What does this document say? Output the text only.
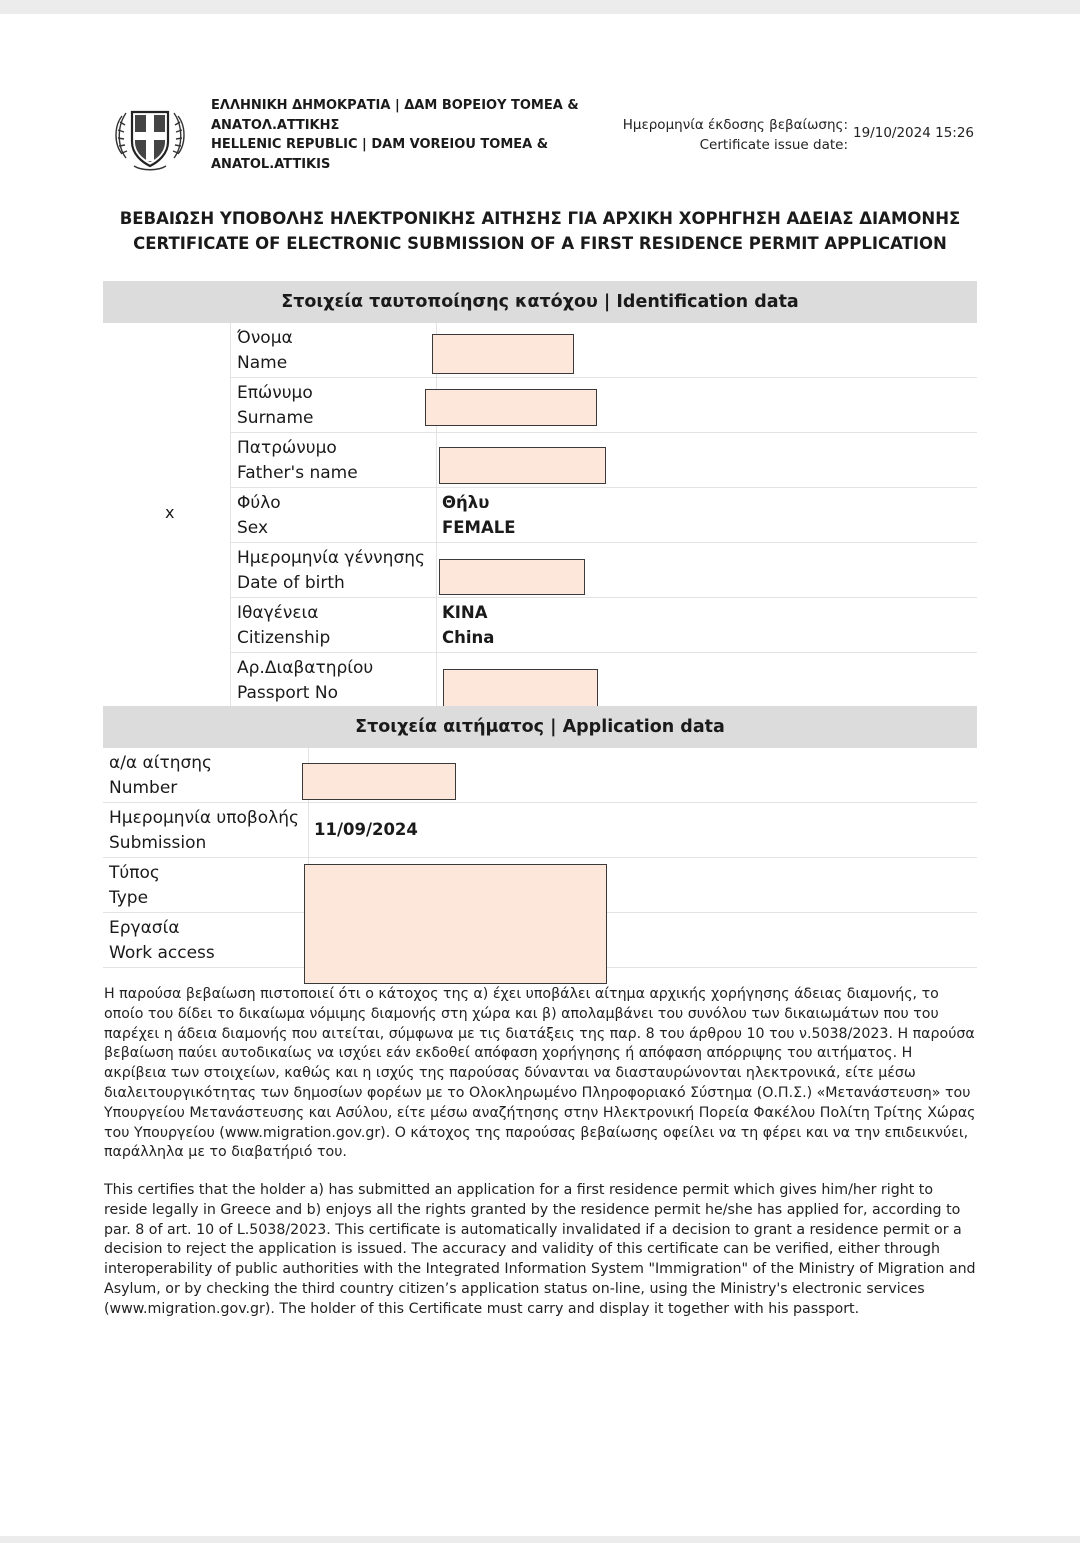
ΕΛΛΗΝΙΚΗ ΔΗΜΟΚΡΑΤΙΑ | ΔΑΜ ΒΟΡΕΙΟΥ ΤΟΜΕΑ &
ΑΝΑΤΟΛ.ΑΤΤΙΚΗΣ
HELLENIC REPUBLIC | DAM VOREIOU TOMEA &
ANATOL.ATTIKIS
Ημερομηνία έκδοσης βεβαίωσης:
Certificate issue date:
19/10/2024 15:26
ΒΕΒΑΙΩΣΗ ΥΠΟΒΟΛΗΣ ΗΛΕΚΤΡΟΝΙΚΗΣ ΑΙΤΗΣΗΣ ΓΙΑ ΑΡΧΙΚΗ ΧΟΡΗΓΗΣΗ ΑΔΕΙΑΣ ΔΙΑΜΟΝΗΣ
CERTIFICATE OF ELECTRONIC SUBMISSION OF A FIRST RESIDENCE PERMIT APPLICATION
Στοιχεία ταυτοποίησης κατόχου | Identification data
x
Όνομα
Name
Επώνυμο
Surname
Πατρώνυμο
Father's name
Φύλο
Sex
Θήλυ
FEMALE
Ημερομηνία γέννησης
Date of birth
Ιθαγένεια
Citizenship
ΚΙΝΑ
China
Αρ.Διαβατηρίου
Passport No
Στοιχεία αιτήματος | Application data
α/α αίτησης
Number
Ημερομηνία υποβολής
Submission
11/09/2024
Τύπος
Type
Εργασία
Work access

Η παρούσα βεβαίωση πιστοποιεί ότι ο κάτοχος της α) έχει υποβάλει αίτημα αρχικής χορήγησης άδειας διαμονής, το οποίο του δίδει το δικαίωμα νόμιμης διαμονής στη χώρα και β) απολαμβάνει του συνόλου των δικαιωμάτων που του παρέχει η άδεια διαμονής που αιτείται, σύμφωνα με τις διατάξεις της παρ. 8 του άρθρου 10 του ν.5038/2023. Η παρούσα βεβαίωση παύει αυτοδικαίως να ισχύει εάν εκδοθεί απόφαση χορήγησης ή απόφαση απόρριψης του αιτήματος. Η ακρίβεια των στοιχείων, καθώς και η ισχύς της παρούσας δύνανται να διασταυρώνονται ηλεκτρονικά, είτε μέσω διαλειτουργικότητας των δημοσίων φορέων με το Ολοκληρωμένο Πληροφοριακό Σύστημα (Ο.Π.Σ.) «Μετανάστευση» του Υπουργείου Μετανάστευσης και Ασύλου, είτε μέσω αναζήτησης στην Ηλεκτρονική Πορεία Φακέλου Πολίτη Τρίτης Χώρας του Υπουργείου (www.migration.gov.gr). Ο κάτοχος της παρούσας βεβαίωσης οφείλει να τη φέρει και να την επιδεικνύει, παράλληλα με το διαβατήριό του.

This certifies that the holder a) has submitted an application for a first residence permit which gives him/her right to reside legally in Greece and b) enjoys all the rights granted by the residence permit he/she has applied for, according to par. 8 of art. 10 of L.5038/2023. This certificate is automatically invalidated if a decision to grant a residence permit or a decision to reject the application is issued. The accuracy and validity of this certificate can be verified, either through interoperability of public authorities with the Integrated Information System "Immigration" of the Ministry of Migration and Asylum, or by checking the third country citizen’s application status on-line, using the Ministry's electronic services (www.migration.gov.gr). The holder of this Certificate must carry and display it together with his passport.
